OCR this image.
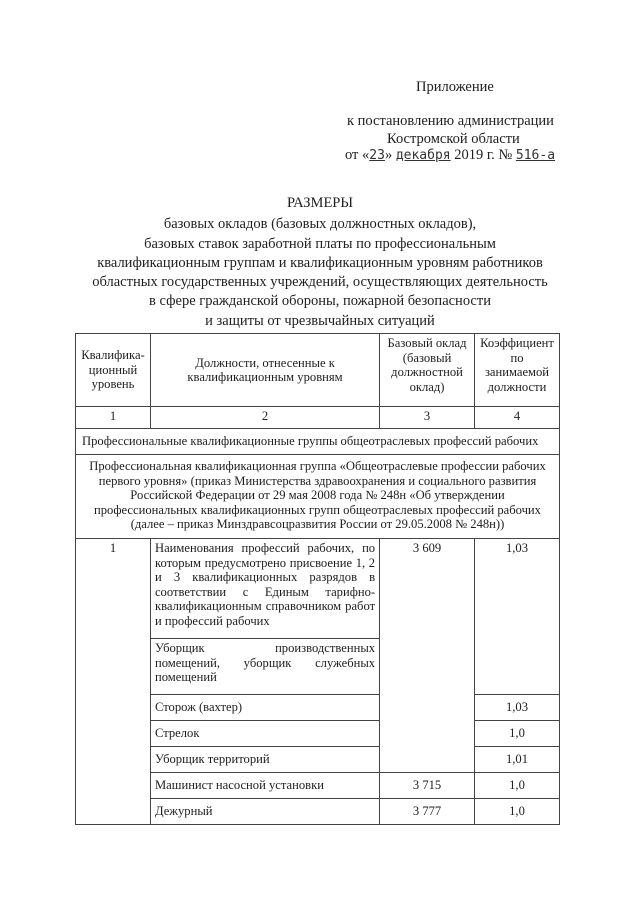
Приложение
к постановлению администрации
Костромской области
от «23» декабря 2019 г. № 516-а
РАЗМЕРЫ
базовых окладов (базовых должностных окладов),
базовых ставок заработной платы по профессиональным
квалификационным группам и квалификационным уровням работников
областных государственных учреждений, осуществляющих деятельность
в сфере гражданской обороны, пожарной безопасности
и защиты от чрезвычайных ситуаций
Квалифика-ционный уровень	Должности, отнесенные к квалификационным уровням	Базовый оклад (базовый должностной оклад)	Коэффициент по занимаемой должности
1	2	3	4
Профессиональные квалификационные группы общеотраслевых профессий рабочих			
Профессиональная квалификационная группа «Общеотраслевые профессии рабочих первого уровня» (приказ Министерства здравоохранения и социального развития Российской Федерации от 29 мая 2008 года № 248н «Об утверждении профессиональных квалификационных групп общеотраслевых профессий рабочих (далее – приказ Минздравсоцразвития России от 29.05.2008 № 248н))			
1	Наименования профессий рабочих, по которым предусмотрено присвоение 1, 2 и 3 квалификационных разрядов в соответствии с Единым тарифно-квалификационным справочником работ и профессий рабочих	3 609	1,03
	Уборщик производственных помещений, уборщик служебных помещений		
	Сторож (вахтер)		1,03
	Стрелок		1,0
	Уборщик территорий		1,01
	Машинист насосной установки	3 715	1,0
	Дежурный	3 777	1,0
